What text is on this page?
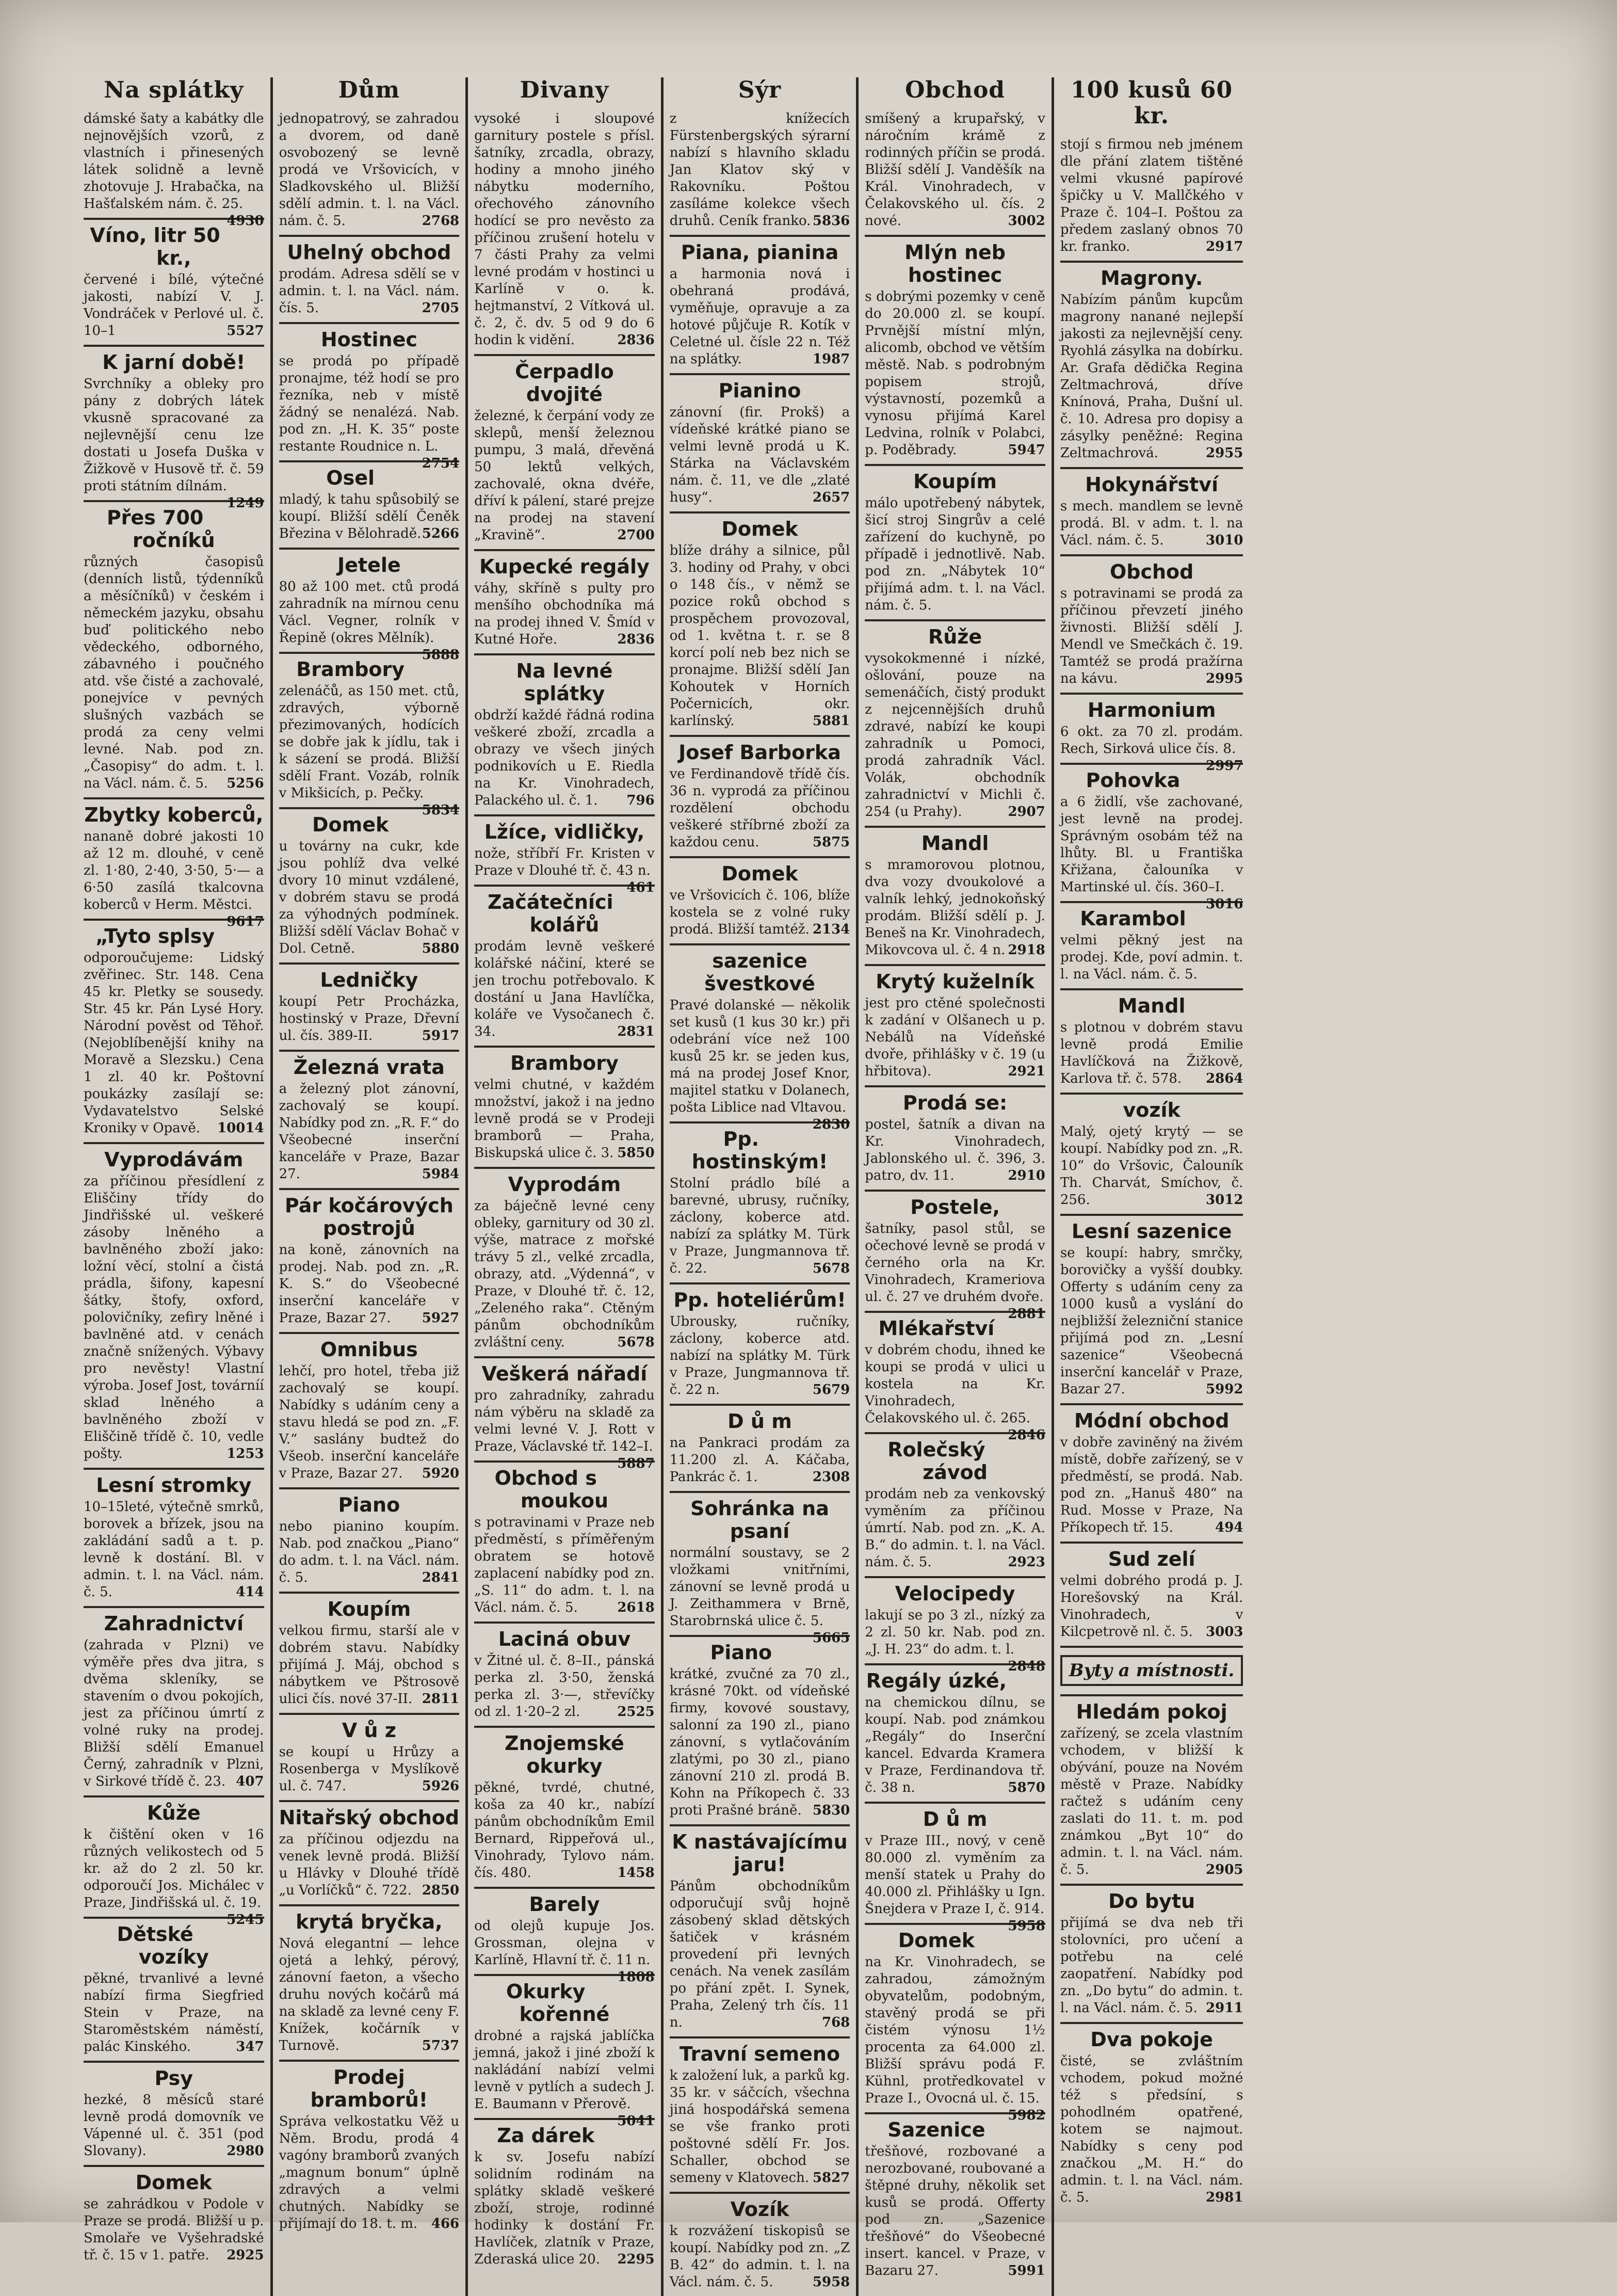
Na splátky
dámské šaty a kabátky dle nejnovějších vzorů, z vlastních i přinesených látek solidně a levně zhotovuje J. Hrabačka, na Hašťalském nám. č. 25.
4930
Víno, litr 50 kr.,
červené i bílé, výtečné jakosti, nabízí V. J. Vondráček v Perlové ul. č. 10–1	5527
K jarní době!
Svrchníky a obleky pro pány z dobrých látek vkusně spracované za nejlevnější cenu lze dostati u Josefa Duška v Žižkově v Husově tř. č. 59 proti státním dílnám.
1249
Přes 700 ročníků
různých časopisů (denních listů, týdenníků a měsíčníků) v českém i německém jazyku, obsahu buď politického nebo vědeckého, odborného, zábavného i poučného atd. vše čisté a zachovalé, ponejvíce v pevných slušných vazbách se prodá za ceny velmi levné. Nab. pod zn. „Časopisy“ do adm. t. l. na Václ. nám. č. 5. 5256
Zbytky koberců,
nananě dobré jakosti 10 až 12 m. dlouhé, v ceně zl. 1·80, 2·40, 3·50, 5·— a 6·50 zasílá tkalcovna koberců v Herm. Městci.
9617
„Tyto splsy
odporoučujeme: Lidský zvěřinec. Str. 148. Cena 45 kr. Pletky se sousedy. Str. 45 kr. Pán Lysé Hory. Národní pověst od Těhoř. (Nejoblíbenější knihy na Moravě a Slezsku.) Cena 1 zl. 40 kr. Poštovní poukázky zasílají se: Vydavatelstvo Selské Kroniky v Opavě. 10014
Vyprodávám
za příčinou přesídlení z Eliščiny třídy do Jindřišské ul. veškeré zásoby lněného a bavlněného zboží jako: ložní věcí, stolní a čistá prádla, šifony, kapesní šátky, štofy, oxford, polovičníky, zefiry lněné i bavlněné atd. v cenách značně snížených. Výbavy pro nevěsty! Vlastní výroba. Josef Jost, továrníí sklad lněného a bavlněného zboží v Eliščině třídě č. 10, vedle pošty.	1253
Lesní stromky
10–15leté, výtečně smrků, borovek a břízek, jsou na zakládání sadů a t. p. levně k dostání. Bl. v admin. t. l. na Václ. nám. č. 5.	414
Zahradnictví
(zahrada v Plzni) ve výměře přes dva jitra, s dvěma skleníky, se stavením o dvou pokojích, jest za příčinou úmrtí z volné ruky na prodej. Bližší sdělí Emanuel Černý, zahradník v Plzni, v Sirkové třídě č. 23. 407
Kůže
k čištění oken v 16 různých velikostech od 5 kr. až do 2 zl. 50 kr. odporoučí Jos. Michálec v Praze, Jindřišská ul. č. 19.
5245
Dětské vozíky
pěkné, trvanlivé a levné nabízí firma Siegfried Stein v Praze, na Staroměstském náměstí, palác Kinského.	347
Psy
hezké, 8 měsíců staré levně prodá domovník ve Vápenné ul. č. 351 (pod Slovany).	2980
Domek
se zahrádkou v Podole v Praze se prodá. Bližší u p. Smolaře ve Vyšehradské tř. č. 15 v 1. patře. 2925
Dům
jednopatrový, se zahradou a dvorem, od daně osvobozený se levně prodá ve Vršovicích, v Sladkovského ul. Bližší sdělí admin. t. l. na Václ. nám. č. 5.	2768
Uhelný obchod
prodám. Adresa sdělí se v admin. t. l. na Václ. nám. čís. 5.	2705
Hostinec
se prodá po případě pronajme, též hodí se pro řezníka, neb v místě žádný se nenalézá. Nab. pod zn. „H. K. 35“ poste restante Roudnice n. L.
2754
Osel
mladý, k tahu spůsobilý se koupí. Bližší sdělí Čeněk Březina v Bělohradě. 5266
Jetele
80 až 100 met. ctů prodá zahradník na mírnou cenu Václ. Vegner, rolník v Řepině (okres Mělník).
5888
Brambory
zelenáčů, as 150 met. ctů, zdravých, výborně přezimovaných, hodících se dobře jak k jídlu, tak i k sázení se prodá. Bližší sdělí Frant. Vozáb, rolník v Mikšicích, p. Pečky.
5834
Domek
u továrny na cukr, kde jsou pohlíž dva velké dvory 10 minut vzdálené, v dobrém stavu se prodá za výhodných podmínek. Bližší sdělí Václav Bohač v Dol. Cetně.	5880
Ledničky
koupí Petr Procházka, hostinský v Praze, Dřevní ul. čís. 389-II.	5917
Železná vrata
a železný plot zánovní, zachovalý se koupí. Nabídky pod zn. „R. F.“ do Všeobecné inserční kanceláře v Praze, Bazar 27.	5984
Pár kočárových postrojů
na koně, zánovních na prodej. Nab. pod zn. „R. K. S.“ do Všeobecné inserční kanceláře v Praze, Bazar 27. 5927
Omnibus
lehčí, pro hotel, třeba již zachovalý se koupí. Nabídky s udáním ceny a stavu hledá se pod zn. „F. V.“ saslány budtež do Všeob. inserční kanceláře v Praze, Bazar 27. 5920
Piano
nebo pianino koupím. Nab. pod značkou „Piano“ do adm. t. l. na Václ. nám. č. 5.	2841
Koupím
velkou firmu, starší ale v dobrém stavu. Nabídky přijímá J. Máj, obchod s nábytkem ve Pštrosově ulici čís. nové 37-II. 2811
V ů z
se koupí u Hrůzy a Rosenberga v Myslíkově ul. č. 747.	5926
Nitařský obchod
za příčinou odjezdu na venek levně prodá. Bližší u Hlávky v Dlouhé třídě „u Vorlíčků“ č. 722. 2850
krytá bryčka,
Nová elegantní — lehce ojetá a lehký, pérový, zánovní faeton, a všecho druhu nových kočárů má na skladě za levné ceny F. Knížek, kočárník v Turnově.	5737
Prodej bramborů!
Správa velkostatku Věž u Něm. Brodu, prodá 4 vagóny bramborů zvaných „magnum bonum“ úplně zdravých a velmi chutných. Nabídky se přijímají do 18. t. m. 466
Divany
vysoké i sloupové garnitury postele s přísl. šatníky, zrcadla, obrazy, hodiny a mnoho jiného nábytku moderního, ořechového zánovního hodící se pro nevěsto za příčinou zrušení hotelu v 7 části Prahy za velmi levné prodám v hostinci u Karlíně v o. k. hejtmanství, 2 Vítková ul. č. 2, č. dv. 5 od 9 do 6 hodin k vidění.	2836
Čerpadlo dvojité
železné, k čerpání vody ze sklepů, menší železnou pumpu, 3 malá, dřevěná 50 lektů velkých, zachovalé, okna dvéře, dříví k pálení, staré prejze na prodej na stavení „Kravině“.	2700
Kupecké regály
váhy, skříně s pulty pro menšího obchodníka má na prodej ihned V. Šmíd v Kutné Hoře.	2836
Na levné splátky
obdrží každé řádná rodina veškeré zboží, zrcadla a obrazy ve všech jiných podnikovích u E. Riedla na Kr. Vinohradech, Palackého ul. č. 1. 796
Lžíce, vidličky,
nože, stříbří Fr. Kristen v Praze v Dlouhé tř. č. 43 n.
461
Začátečníci kolářů
prodám levně veškeré kolářské náčiní, které se jen trochu potřebovalo. K dostání u Jana Havlíčka, koláře ve Vysočanech č. 34.	2831
Brambory
velmi chutné, v každém množství, jakož i na jedno levně prodá se v Prodeji bramborů — Praha, Biskupská ulice č. 3. 5850
Vyprodám
za báječně levné ceny obleky, garnitury od 30 zl. výše, matrace z mořské trávy 5 zl., velké zrcadla, obrazy, atd. „Výdenná“, v Praze, v Dlouhé tř. č. 12, „Zeleného raka“. Ctěným pánům obchodníkům zvláštní ceny.	5678
Veškerá nářadí
pro zahradníky, zahradu nám výběru na skladě za velmi levné V. J. Rott v Praze, Václavské tř. 142–I.
5887
Obchod s moukou
s potravinami v Praze neb předměstí, s příměřeným obratem se hotově zaplacení nabídky pod zn. „S. 11“ do adm. t. l. na Václ. nám. č. 5.	2618
Laciná obuv
v Žitné ul. č. 8–II., pánská perka zl. 3·50, ženská perka zl. 3·—, střevíčky od zl. 1·20–2 zl.	2525
Znojemské okurky
pěkné, tvrdé, chutné, koša za 40 kr., nabízí pánům obchodníkům Emil Bernard, Rippeřová ul., Vinohrady, Tylovo nám. čís. 480.	1458
Barely
od olejů kupuje Jos. Grossman, olejna v Karlíně, Hlavní tř. č. 11 n.
1808
Okurky kořenné
drobné a rajská jablíčka jemná, jakož i jiné zboží k nakládání nabízí velmi levně v pytlích a sudech J. E. Baumann v Přerově.
5041
Za dárek
k sv. Josefu nabízí solidním rodinám na splátky skladě veškeré zboží, stroje, rodinné hodinky k dostání Fr. Havlíček, zlatník v Praze, Zderaská ulice 20. 2295
Sýr
z knížecích Fürstenbergských sýrarní nabízí s hlavního skladu Jan Klatov ský v Rakovníku. Poštou zasíláme kolekce všech druhů. Ceník franko. 5836
Piana, pianina
a harmonia nová i obehraná prodává, vyměňuje, opravuje a za hotové půjčuje R. Kotík v Celetné ul. čísle 22 n. Též na splátky.	1987
Pianino
zánovní (fir. Prokš) a vídeňské krátké piano se velmi levně prodá u K. Stárka na Václavském nám. č. 11, ve dle „zlaté husy“.	2657
Domek
blíže dráhy a silnice, půl 3. hodiny od Prahy, v obci o 148 čís., v němž se pozice roků obchod s prospěchem provozoval, od 1. května t. r. se 8 korcí polí neb bez nich se pronajme. Bližší sdělí Jan Kohoutek v Horních Počernicích, okr. karlínský.	5881
Josef Barborka
ve Ferdinandově třídě čís. 36 n. vyprodá za příčinou rozdělení obchodu veškeré stříbrné zboží za každou cenu.	5875
Domek
ve Vršovicích č. 106, blíže kostela se z volné ruky prodá. Bližší tamtéž. 2134
sazenice švestkové
Pravé dolanské — několik set kusů (1 kus 30 kr.) při odebrání více než 100 kusů 25 kr. se jeden kus, má na prodej Josef Knor, majitel statku v Dolanech, pošta Liblice nad Vltavou.
2830
Pp. hostinským!
Stolní prádlo bílé a barevné, ubrusy, ručníky, záclony, koberce atd. nabízí za splátky M. Türk v Praze, Jungmannova tř. č. 22.	5678
Pp. hoteliérům!
Ubrousky, ručníky, záclony, koberce atd. nabízí na splátky M. Türk v Praze, Jungmannova tř. č. 22 n.	5679
D ů m
na Pankraci prodám za 11.200 zl. A. Káčaba, Pankrác č. 1.	2308
Sohránka na psaní
normální soustavy, se 2 vložkami vnitřními, zánovní se levně prodá u J. Zeithammera v Brně, Starobrnská ulice č. 5.
5665
Piano
krátké, zvučné za 70 zl., krásné 70kt. od vídeňské firmy, kovové soustavy, salonní za 190 zl., piano zánovní, s vytlačováním zlatými, po 30 zl., piano zánovní 210 zl. prodá B. Kohn na Příkopech č. 33 proti Prašné bráně. 5830
K nastávajícímu jaru!
Pánům obchodníkům odporučují svůj hojně zásobený sklad dětských šatiček v krásném provedení při levných cenách. Na venek zasílám po přání zpět. I. Synek, Praha, Zelený trh čís. 11 n.	768
Travní semeno
k založení luk, a parků kg. 35 kr. v sáčcích, všechna jiná hospodářská semena se vše franko proti poštovné sdělí Fr. Jos. Schaller, obchod se semeny v Klatovech. 5827
Vozík
k rozvážení tiskopisů se koupí. Nabídky pod zn. „Z B. 42“ do admin. t. l. na Václ. nám. č. 5.	5958
Obchod
smíšený a krupařský, v náročním krámě z rodinných příčin se prodá. Bližší sdělí J. Vanděšík na Král. Vinohradech, v Čelakovského ul. čís. 2 nové.	3002
Mlýn neb hostinec
s dobrými pozemky v ceně do 20.000 zl. se koupí. Prvnější místní mlýn, alicomb, obchod ve větším městě. Nab. s podrobným popisem strojů, výstavností, pozemků a vynosu přijímá Karel Ledvina, rolník v Polabci, p. Poděbrady.	5947
Koupím
málo upotřebený nábytek, šicí stroj Singrův a celé zařízení do kuchyně, po případě i jednotlivě. Nab. pod zn. „Nábytek 10“ přijímá adm. t. l. na Václ. nám. č. 5.
Růže
vysokokmenné i nízké, ošlování, pouze na semenáčích, čistý produkt z nejcennějších druhů zdravé, nabízí ke koupi zahradník u Pomoci, prodá zahradník Václ. Volák, obchodník zahradnictví v Michli č. 254 (u Prahy).	2907
Mandl
s mramorovou plotnou, dva vozy dvoukolové a valník lehký, jednokoňský prodám. Bližší sdělí p. J. Beneš na Kr. Vinohradech, Mikovcova ul. č. 4 n. 2918
Krytý kuželník
jest pro ctěné společnosti k zadání v Olšanech u p. Nebálů na Vídeňské dvoře, přihlášky v č. 19 (u hřbitova).	2921
Prodá se:
postel, šatník a divan na Kr. Vinohradech, Jablonského ul. č. 396, 3. patro, dv. 11.	2910
Postele,
šatníky, pasol stůl, se očechové levně se prodá v černého orla na Kr. Vinohradech, Krameriova ul. č. 27 ve druhém dvoře.
2881
Mlékařství
v dobrém chodu, ihned ke koupi se prodá v ulici u kostela na Kr. Vinohradech, Čelakovského ul. č. 265.
2846
Rolečský závod
prodám neb za venkovský vyměním za příčinou úmrtí. Nab. pod zn. „K. A. B.“ do admin. t. l. na Václ. nám. č. 5.	2923
Velocipedy
lakují se po 3 zl., nízký za 2 zl. 50 kr. Nab. pod zn. „J. H. 23“ do adm. t. l.
2848
Regály úzké,
na chemickou dílnu, se koupí. Nab. pod známkou „Regály“ do Inserční kancel. Edvarda Kramera v Praze, Ferdinandova tř. č. 38 n.	5870
D ů m
v Praze III., nový, v ceně 80.000 zl. vyměním za menší statek u Prahy do 40.000 zl. Přihlášky u Ign. Šnejdera v Praze I, č. 914.
5958
Domek
na Kr. Vinohradech, se zahradou, zámožným obyvatelům, podobným, stavěný prodá se při čistém výnosu 1½ procenta za 64.000 zl. Bližší správu podá F. Kühnl, protředkovatel v Praze I., Ovocná ul. č. 15.
5982
Sazenice
třešňové, rozbované a nerozbované, roubované a štěpné druhy, několik set kusů se prodá. Offerty pod zn. „Sazenice třešňové“ do Všeobecné insert. kancel. v Praze, v Bazaru 27.	5991
100 kusů 60 kr.
stojí s firmou neb jménem dle přání zlatem tištěné velmi vkusné papírové špičky u V. Mallčkého v Praze č. 104–I. Poštou za předem zaslaný obnos 70 kr. franko.	2917
Magrony.
Nabízím pánům kupcům magrony nanané nejlepší jakosti za nejlevnější ceny. Ryohlá zásylka na dobírku. Ar. Grafa dědička Regina Zeltmachrová, dříve Knínová, Praha, Dušní ul. č. 10. Adresa pro dopisy a zásylky peněžné: Regina Zeltmachrová.	2955
Hokynářství
s mech. mandlem se levně prodá. Bl. v adm. t. l. na Václ. nám. č. 5.	3010
Obchod
s potravinami se prodá za příčinou převzetí jiného živnosti. Bližší sdělí J. Mendl ve Smečkách č. 19. Tamtéž se prodá pražírna na kávu.	2995
Harmonium
6 okt. za 70 zl. prodám. Rech, Sirková ulice čís. 8.
2997
Pohovka
a 6 židlí, vše zachované, jest levně na prodej. Správným osobám též na lhůty. Bl. u Františka Křižana, čalouníka v Martinské ul. čís. 360–I.
3016
Karambol
velmi pěkný jest na prodej. Kde, poví admin. t. l. na Václ. nám. č. 5.
Mandl
s plotnou v dobrém stavu levně prodá Emilie Havlíčková na Žižkově, Karlova tř. č. 578. 2864
vozík
Malý, ojetý krytý — se koupí. Nabídky pod zn. „R. 10“ do Vršovic, Čalouník Th. Charvát, Smíchov, č. 256.	3012
Lesní sazenice
se koupí: habry, smrčky, borovičky a vyšší doubky. Offerty s udáním ceny za 1000 kusů a vyslání do nejbližší železniční stanice přijímá pod zn. „Lesní sazenice“ Všeobecná inserční kancelář v Praze, Bazar 27.	5992
Módní obchod
v dobře zaviněný na živém místě, dobře zařízený, se v předměstí, se prodá. Nab. pod zn. „Hanuš 480“ na Rud. Mosse v Praze, Na Příkopech tř. 15.	494
Sud zelí
velmi dobrého prodá p. J. Horešovský na Král. Vinohradech, v Kilcpetrově nl. č. 5. 3003
Byty a místnosti.
Hledám pokoj
zařízený, se zcela vlastním vchodem, v bližší k obývání, pouze na Novém městě v Praze. Nabídky račtež s udáním ceny zaslati do 11. t. m. pod známkou „Byt 10“ do admin. t. l. na Václ. nám. č. 5.	2905
Do bytu
přijímá se dva neb tři stolovníci, pro učení a potřebu na celé zaopatření. Nabídky pod zn. „Do bytu“ do admin. t. l. na Václ. nám. č. 5. 2911
Dva pokoje
čisté, se zvláštním vchodem, pokud možné též s předsíní, s pohodlném opatřené, kotem se najmout. Nabídky s ceny pod značkou „M. H.“ do admin. t. l. na Václ. nám. č. 5.	2981
